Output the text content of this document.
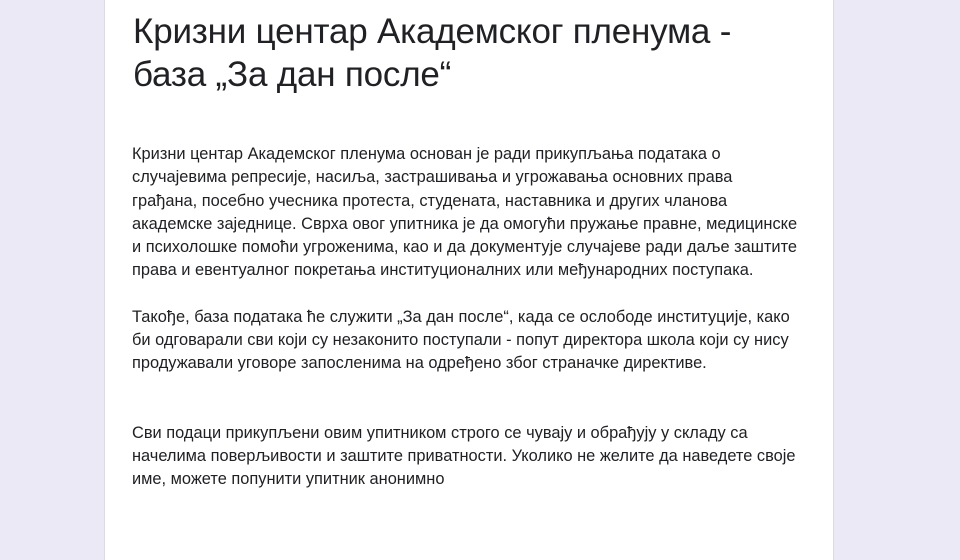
Кризни центар Академског пленума - база „За дан после“

Кризни центар Академског пленума основан је ради прикупљања података о случајевима репресије, насиља, застрашивања и угрожавања основних права грађана, посебно учесника протеста, студената, наставника и других чланова академске заједнице. Сврха овог упитника је да омогући пружање правне, медицинске и психолошке помоћи угроженима, као и да документује случајеве ради даље заштите права и евентуалног покретања институционалних или међународних поступака.

Такође, база података ће служити „За дан после“, када се ослободе институције, како би одговарали сви који су незаконито поступали - попут директора школа који су нису продужавали уговоре запосленима на одређено због страначке директиве.

Сви подаци прикупљени овим упитником строго се чувају и обрађују у складу са начелима поверљивости и заштите приватности. Уколико не желите да наведете своје име, можете попунити упитник анонимно
